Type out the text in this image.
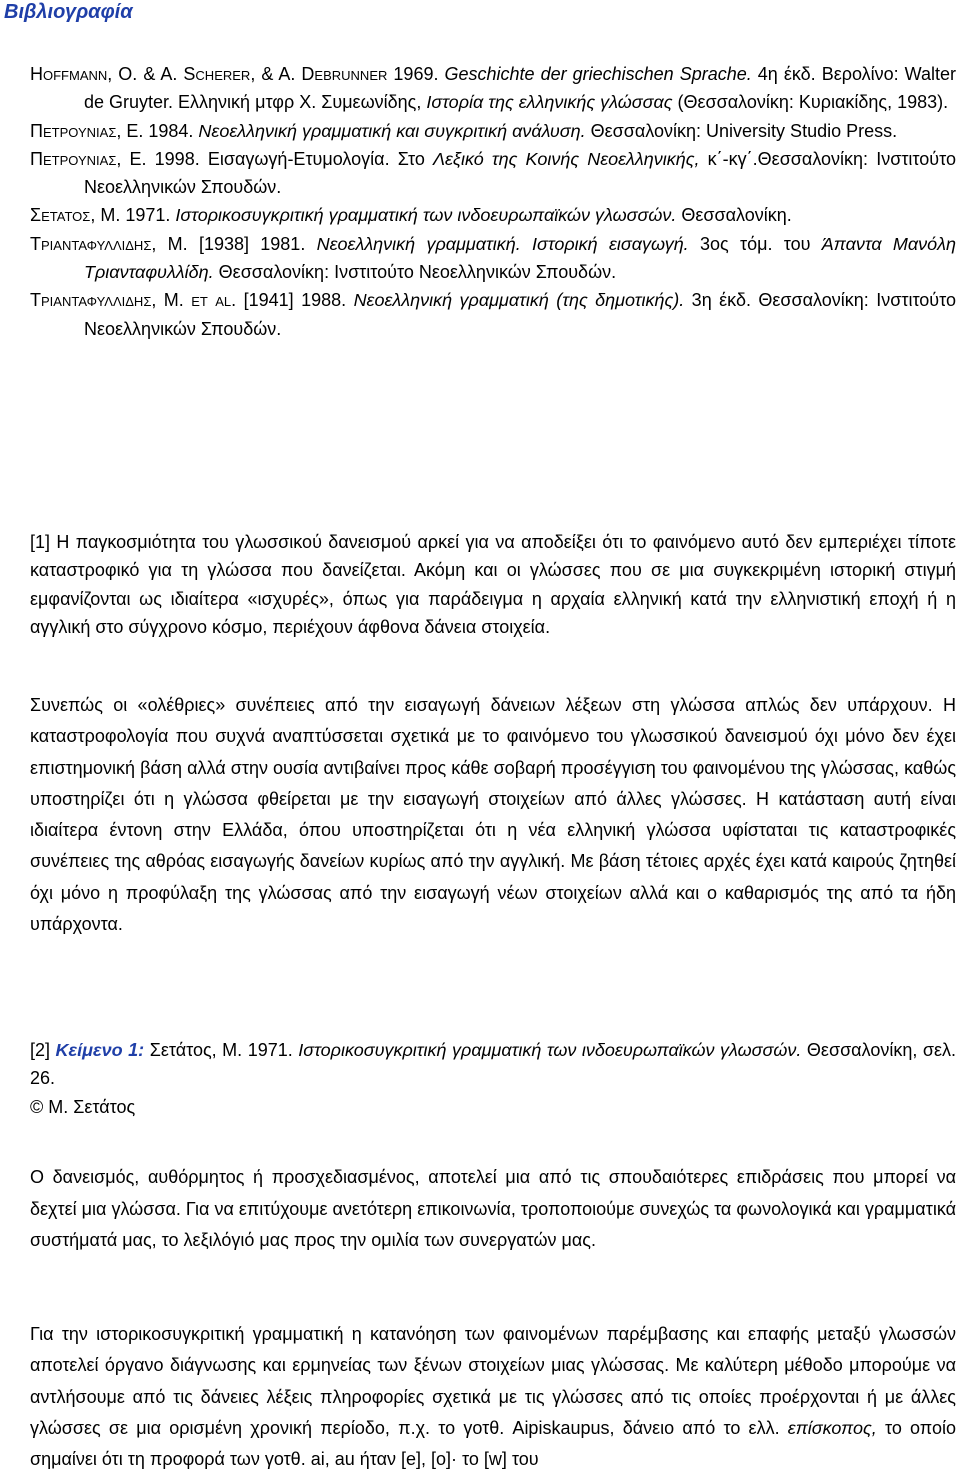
Βιβλιογραφία
Hoffmann, O. & A. Scherer, & A. Debrunner 1969. Geschichte der griechischen Sprache. 4η έκδ. Βερολίνο: Walter de Gruyter. Ελληνική μτφρ Χ. Συμεωνίδης, Ιστορία της ελληνικής γλώσσας (Θεσσαλονίκη: Κυριακίδης, 1983).
Πετρουνιας, Ε. 1984. Νεοελληνική γραμματική και συγκριτική ανάλυση. Θεσσαλονίκη: University Studio Press.
Πετρουνιας, Ε. 1998. Εισαγωγή-Ετυμολογία. Στο Λεξικό της Κοινής Νεοελληνικής, κ΄-κγ΄.Θεσσαλονίκη: Ινστιτούτο Νεοελληνικών Σπουδών.
Σετατος, Μ. 1971. Ιστορικοσυγκριτική γραμματική των ινδοευρωπαϊκών γλωσσών. Θεσσαλονίκη.
Τριανταφυλλιδης, Μ. [1938] 1981. Νεοελληνική γραμματική. Ιστορική εισαγωγή. 3ος τόμ. του Άπαντα Μανόλη Τριανταφυλλίδη. Θεσσαλονίκη: Ινστιτούτο Νεοελληνικών Σπουδών.
Τριανταφυλλιδης, Μ. et al. [1941] 1988. Νεοελληνική γραμματική (της δημοτικής). 3η έκδ. Θεσσαλονίκη: Ινστιτούτο Νεοελληνικών Σπουδών.
[1] Η παγκοσμιότητα του γλωσσικού δανεισμού αρκεί για να αποδείξει ότι το φαινόμενο αυτό δεν εμπεριέχει τίποτε καταστροφικό για τη γλώσσα που δανείζεται. Ακόμη και οι γλώσσες που σε μια συγκεκριμένη ιστορική στιγμή εμφανίζονται ως ιδιαίτερα «ισχυρές», όπως για παράδειγμα η αρχαία ελληνική κατά την ελληνιστική εποχή ή η αγγλική στο σύγχρονο κόσμο, περιέχουν άφθονα δάνεια στοιχεία.
Συνεπώς οι «ολέθριες» συνέπειες από την εισαγωγή δάνειων λέξεων στη γλώσσα απλώς δεν υπάρχουν. Η καταστροφολογία που συχνά αναπτύσσεται σχετικά με το φαινόμενο του γλωσσικού δανεισμού όχι μόνο δεν έχει επιστημονική βάση αλλά στην ουσία αντιβαίνει προς κάθε σοβαρή προσέγγιση του φαινομένου της γλώσσας, καθώς υποστηρίζει ότι η γλώσσα φθείρεται με την εισαγωγή στοιχείων από άλλες γλώσσες. Η κατάσταση αυτή είναι ιδιαίτερα έντονη στην Ελλάδα, όπου υποστηρίζεται ότι η νέα ελληνική γλώσσα υφίσταται τις καταστροφικές συνέπειες της αθρόας εισαγωγής δανείων κυρίως από την αγγλική. Με βάση τέτοιες αρχές έχει κατά καιρούς ζητηθεί όχι μόνο η προφύλαξη της γλώσσας από την εισαγωγή νέων στοιχείων αλλά και ο καθαρισμός της από τα ήδη υπάρχοντα.
[2] Κείμενο 1: Σετάτος, Μ. 1971. Ιστορικοσυγκριτική γραμματική των ινδοευρωπαϊκών γλωσσών. Θεσσαλονίκη, σελ. 26.
© Μ. Σετάτος
Ο δανεισμός, αυθόρμητος ή προσχεδιασμένος, αποτελεί μια από τις σπουδαιότερες επιδράσεις που μπορεί να δεχτεί μια γλώσσα. Για να επιτύχουμε ανετότερη επικοινωνία, τροποποιούμε συνεχώς τα φωνολογικά και γραμματικά συστήματά μας, το λεξιλόγιό μας προς την ομιλία των συνεργατών μας.
Για την ιστορικοσυγκριτική γραμματική η κατανόηση των φαινομένων παρέμβασης και επαφής μεταξύ γλωσσών αποτελεί όργανο διάγνωσης και ερμηνείας των ξένων στοιχείων μιας γλώσσας. Με καλύτερη μέθοδο μπορούμε να αντλήσουμε από τις δάνειες λέξεις πληροφορίες σχετικά με τις γλώσσες από τις οποίες προέρχονται ή με άλλες γλώσσες σε μια ορισμένη χρονική περίοδο, π.χ. το γοτθ. Aipiskaupus, δάνειο από το ελλ. επίσκοπος, το οποίο σημαίνει ότι τη προφορά των γοτθ. ai, au ήταν [e], [o]· το [w] του
